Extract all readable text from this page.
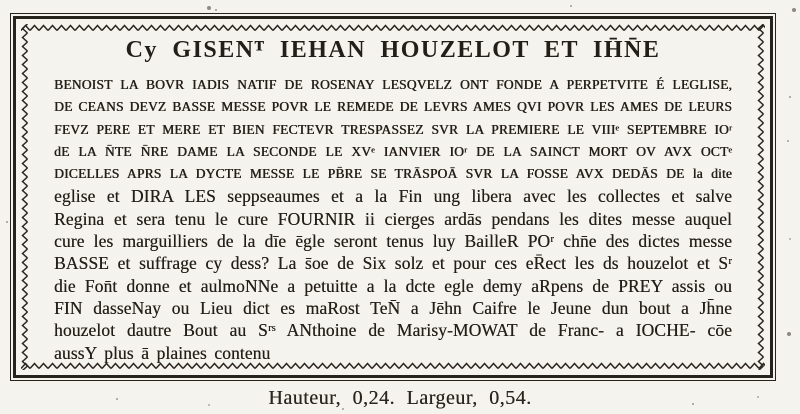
Cy GISENᵀ IEHAN HOUZELOT ET IH̄N̄E
BENOIST LA BOVR IADIS NATIF DE ROSENAY LESQVELZ ONT FONDE A PERPETVITE É LEGLISE,
DE CEANS DEVZ BASSE MESSE POVR LE REMEDE DE LEVRS AMES QVI POVR LES AMES DE LEURS
FEVZ PERE ET MERE ET BIEN FECTEVR TRESPASSEZ SVR LA PREMIERE LE VIIIᵉ SEPTEMBRE IOʳ
dE LA N̄TE N̄RE DAME LA SECONDE LE XVᵉ IANVIER IOʳ DE LA SAINCT MORT OV AVX OCTᵉ
DICELLES APRS LA DYCTE MESSE LE PB̄RE SE TRĀSPOĀ SVR LA FOSSE AVX DEDĀS DE la dite
eglise et DIRA LES seppseaumes et a la Fin ung libera avec les collectes et salve
Regina et sera tenu le cure FOURNIR ii cierges ardās pendans les dites messe auquel
cure les marguilliers de la dīe ēgle seront tenus luy BailleR POʳ chn̄e des dictes messe
BASSE et suffrage cy dess? La s̄oe de Six solz et pour ces eR̄ect les ds houzelot et Sʳ
die Fon̄t donne et aulmoNNe a petuitte a la dcte egle demy aRpens de PREY assis ou
FIN dasseNay ou Lieu dict es maRost TeN̄ a Jēhn Caifre le Jeune dun bout a Jh̄ne
houzelot dautre Bout au Sʳˢ ANthoine de Marisy-MOWAT de Franc- a IOCHE- cōe
aussY plus ā plaines contenu
Hauteur, 0,24. Largeur, 0,54.
